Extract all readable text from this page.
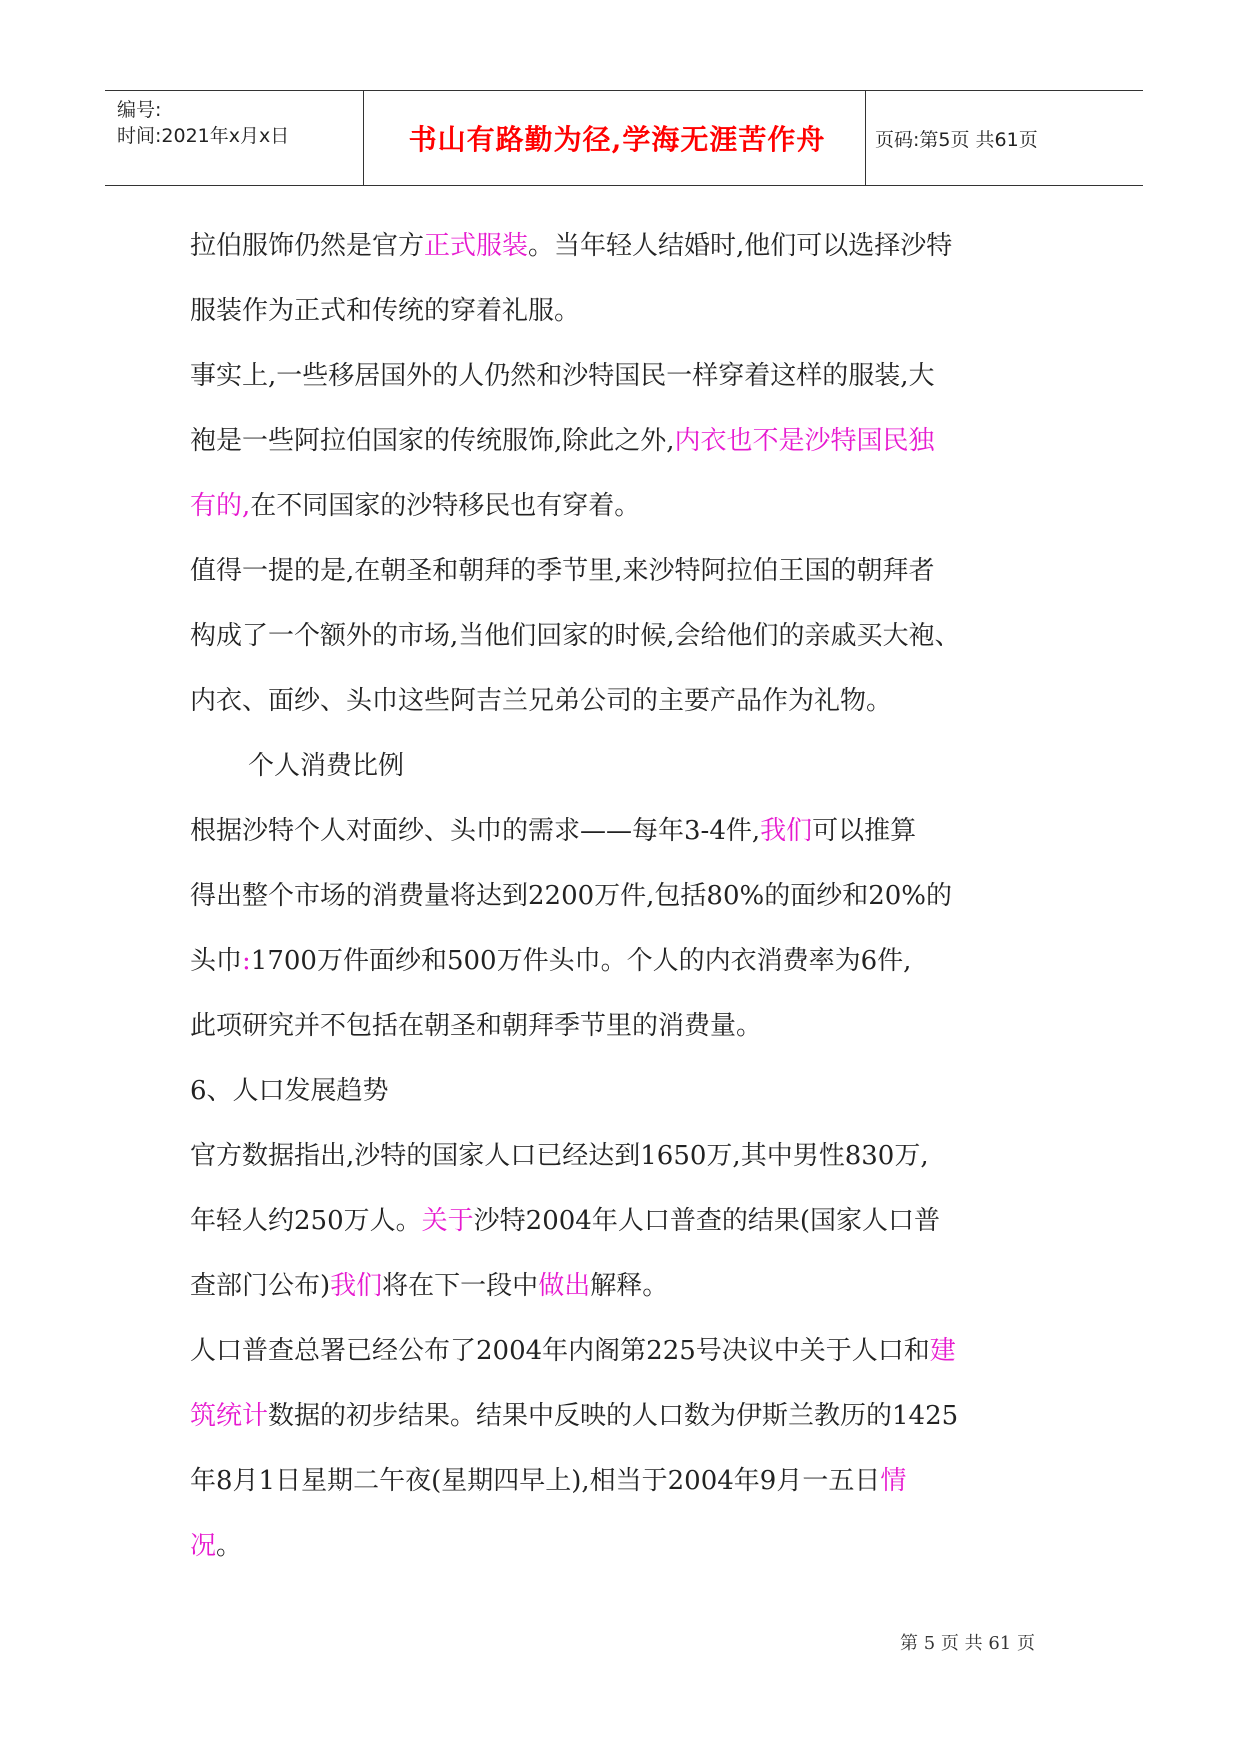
编号:
时间:2021年x月x日	书山有路勤为径,学海无涯苦作舟	页码:第5页 共61页

拉伯服饰仍然是官方正式服装。当年轻人结婚时,他们可以选择沙特

服装作为正式和传统的穿着礼服。

事实上,一些移居国外的人仍然和沙特国民一样穿着这样的服装,大

袍是一些阿拉伯国家的传统服饰,除此之外,内衣也不是沙特国民独

有的,在不同国家的沙特移民也有穿着。

值得一提的是,在朝圣和朝拜的季节里,来沙特阿拉伯王国的朝拜者

构成了一个额外的市场,当他们回家的时候,会给他们的亲戚买大袍、

内衣、面纱、头巾这些阿吉兰兄弟公司的主要产品作为礼物。

个人消费比例

根据沙特个人对面纱、头巾的需求——每年3-4件,我们可以推算

得出整个市场的消费量将达到2200万件,包括80%的面纱和20%的

头巾:1700万件面纱和500万件头巾。个人的内衣消费率为6件,

此项研究并不包括在朝圣和朝拜季节里的消费量。

6、人口发展趋势

官方数据指出,沙特的国家人口已经达到1650万,其中男性830万,

年轻人约250万人。关于沙特2004年人口普查的结果(国家人口普

查部门公布)我们将在下一段中做出解释。

人口普查总署已经公布了2004年内阁第225号决议中关于人口和建

筑统计数据的初步结果。结果中反映的人口数为伊斯兰教历的1425

年8月1日星期二午夜(星期四早上),相当于2004年9月一五日情

况。

第 5 页 共 61 页
